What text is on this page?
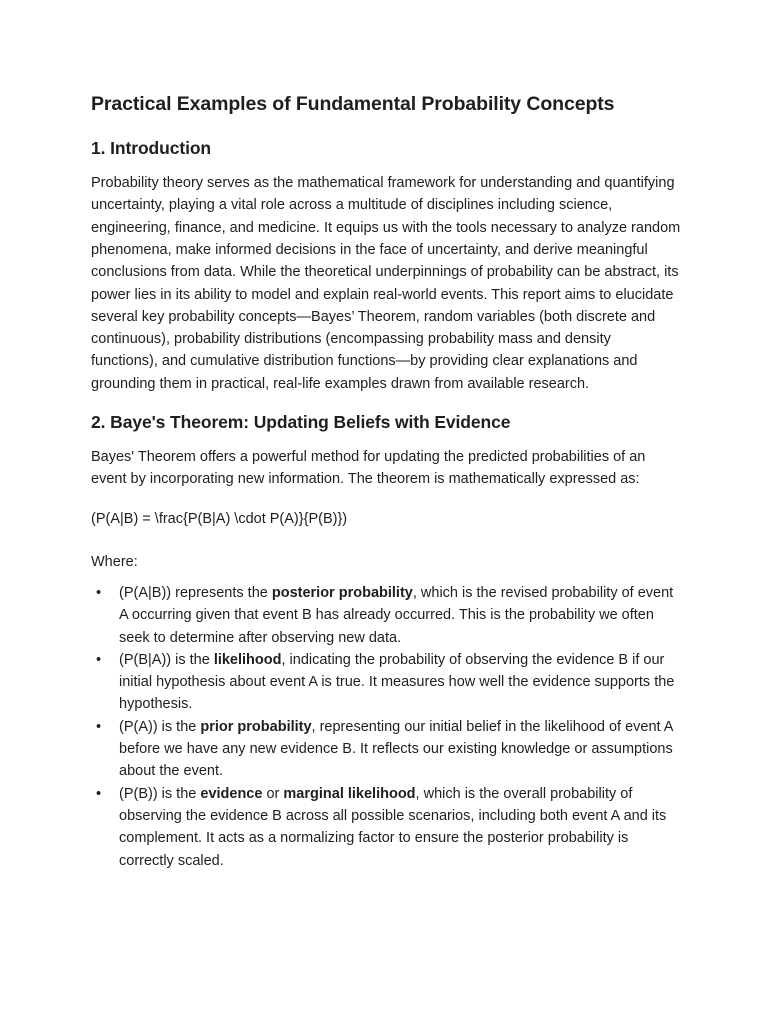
Practical Examples of Fundamental Probability Concepts
1. Introduction

Probability theory serves as the mathematical framework for understanding and quantifying uncertainty, playing a vital role across a multitude of disciplines including science, engineering, finance, and medicine. It equips us with the tools necessary to analyze random phenomena, make informed decisions in the face of uncertainty, and derive meaningful conclusions from data. While the theoretical underpinnings of probability can be abstract, its power lies in its ability to model and explain real-world events. This report aims to elucidate several key probability concepts—Bayes’ Theorem, random variables (both discrete and continuous), probability distributions (encompassing probability mass and density functions), and cumulative distribution functions—by providing clear explanations and grounding them in practical, real-life examples drawn from available research.

2. Baye's Theorem: Updating Beliefs with Evidence

Bayes' Theorem offers a powerful method for updating the predicted probabilities of an event by incorporating new information. The theorem is mathematically expressed as:

(P(A|B) = \frac{P(B|A) \cdot P(A)}{P(B)})

Where:

• (P(A|B)) represents the posterior probability, which is the revised probability of event A occurring given that event B has already occurred. This is the probability we often seek to determine after observing new data.
• (P(B|A)) is the likelihood, indicating the probability of observing the evidence B if our initial hypothesis about event A is true. It measures how well the evidence supports the hypothesis.
• (P(A)) is the prior probability, representing our initial belief in the likelihood of event A before we have any new evidence B. It reflects our existing knowledge or assumptions about the event.
• (P(B)) is the evidence or marginal likelihood, which is the overall probability of observing the evidence B across all possible scenarios, including both event A and its complement. It acts as a normalizing factor to ensure the posterior probability is correctly scaled.
